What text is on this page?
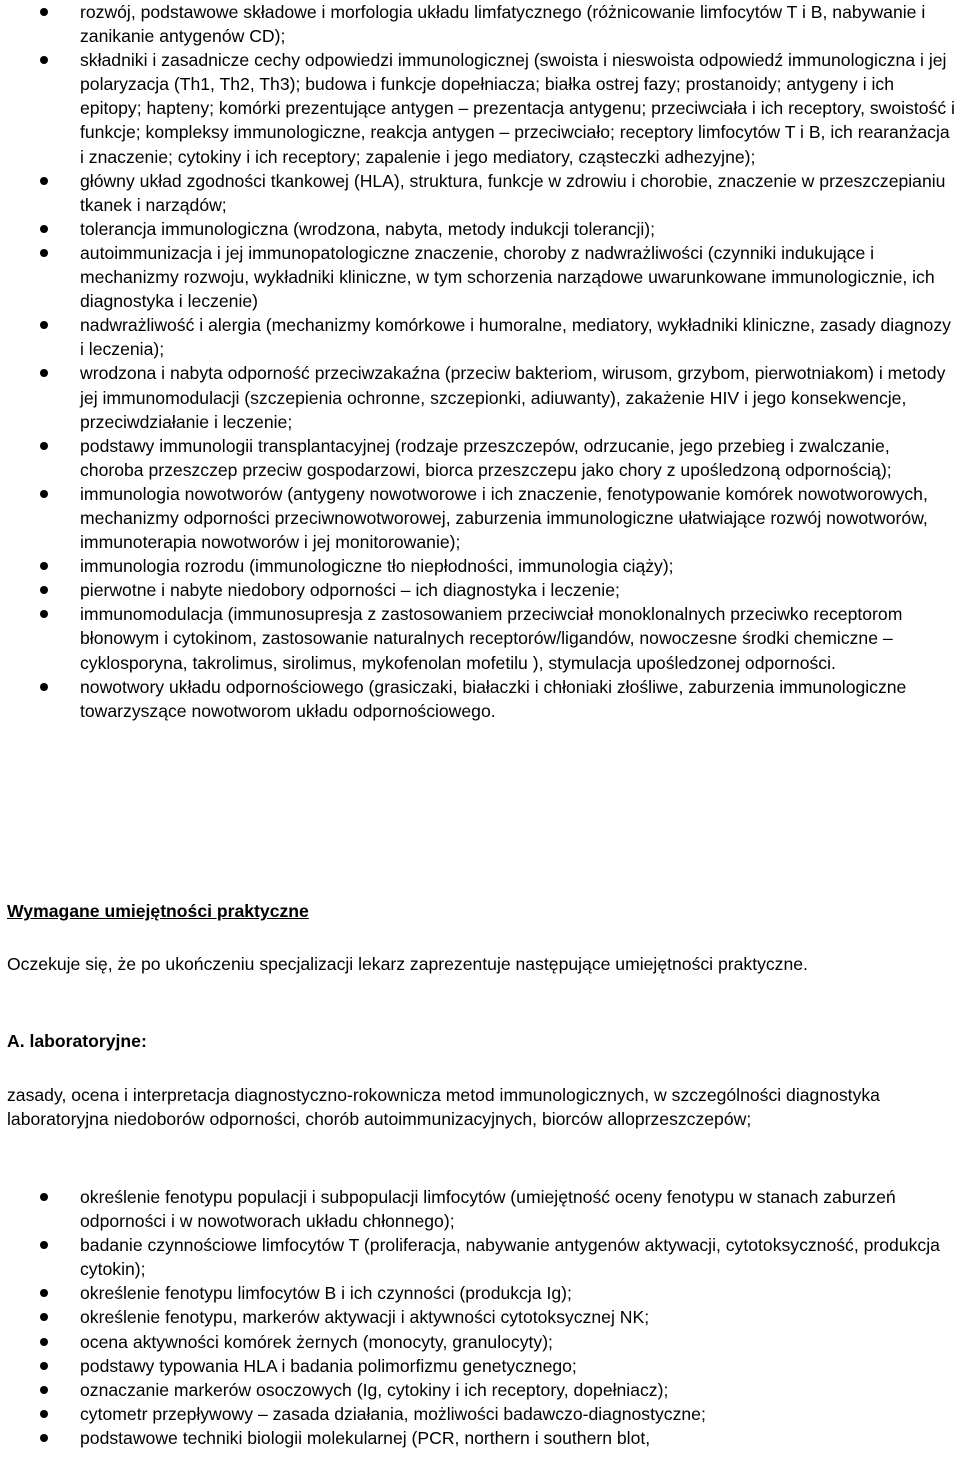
rozwój, podstawowe składowe i morfologia układu limfatycznego (różnicowanie limfocytów T i B, nabywanie i zanikanie antygenów CD);
składniki i zasadnicze cechy odpowiedzi immunologicznej (swoista i nieswoista odpowiedź immunologiczna i jej polaryzacja (Th1, Th2, Th3); budowa i funkcje dopełniacza; białka ostrej fazy; prostanoidy; antygeny i ich epitopy; hapteny; komórki prezentujące antygen – prezentacja antygenu; przeciwciała i ich receptory, swoistość i funkcje; kompleksy immunologiczne, reakcja antygen – przeciwciało; receptory limfocytów T i B, ich rearanżacja i znaczenie; cytokiny i ich receptory; zapalenie i jego mediatory, cząsteczki adhezyjne);
główny układ zgodności tkankowej (HLA), struktura, funkcje w zdrowiu i chorobie, znaczenie w przeszczepianiu tkanek i narządów;
tolerancja immunologiczna (wrodzona, nabyta, metody indukcji tolerancji);
autoimmunizacja i jej immunopatologiczne znaczenie, choroby z nadwrażliwości (czynniki indukujące i mechanizmy rozwoju, wykładniki kliniczne, w tym schorzenia narządowe uwarunkowane immunologicznie, ich diagnostyka i leczenie)
nadwrażliwość i alergia (mechanizmy komórkowe i humoralne, mediatory, wykładniki kliniczne, zasady diagnozy i leczenia);
wrodzona i nabyta odporność przeciwzakaźna (przeciw bakteriom, wirusom, grzybom, pierwotniakom) i metody jej immunomodulacji (szczepienia ochronne, szczepionki, adiuwanty), zakażenie HIV i jego konsekwencje, przeciwdziałanie i leczenie;
podstawy immunologii transplantacyjnej (rodzaje przeszczepów, odrzucanie, jego przebieg i zwalczanie, choroba przeszczep przeciw gospodarzowi, biorca przeszczepu jako chory z upośledzoną odpornością);
immunologia nowotworów (antygeny nowotworowe i ich znaczenie, fenotypowanie komórek nowotworowych, mechanizmy odporności przeciwnowotworowej, zaburzenia immunologiczne ułatwiające rozwój nowotworów, immunoterapia nowotworów i jej monitorowanie);
immunologia rozrodu (immunologiczne tło niepłodności, immunologia ciąży);
pierwotne i nabyte niedobory odporności – ich diagnostyka i leczenie;
immunomodulacja (immunosupresja z zastosowaniem przeciwciał monoklonalnych przeciwko receptorom błonowym i cytokinom, zastosowanie naturalnych receptorów/ligandów, nowoczesne środki chemiczne – cyklosporyna, takrolimus, sirolimus, mykofenolan mofetilu ), stymulacja upośledzonej odporności.
nowotwory układu odpornościowego (grasiczaki, białaczki i chłoniaki złośliwe, zaburzenia immunologiczne towarzyszące nowotworom układu odpornościowego.
Wymagane umiejętności praktyczne
Oczekuje się, że po ukończeniu specjalizacji lekarz zaprezentuje następujące umiejętności praktyczne.
A. laboratoryjne:
zasady, ocena i interpretacja diagnostyczno-rokownicza metod immunologicznych, w szczególności diagnostyka laboratoryjna niedoborów odporności, chorób autoimmunizacyjnych, biorców alloprzeszczepów;
określenie fenotypu populacji i subpopulacji limfocytów (umiejętność oceny fenotypu w stanach zaburzeń odporności i w nowotworach układu chłonnego);
badanie czynnościowe limfocytów T (proliferacja, nabywanie antygenów aktywacji, cytotoksyczność, produkcja cytokin);
określenie fenotypu limfocytów B i ich czynności (produkcja Ig);
określenie fenotypu, markerów aktywacji i aktywności cytotoksycznej NK;
ocena aktywności komórek żernych (monocyty, granulocyty);
podstawy typowania HLA i badania polimorfizmu genetycznego;
oznaczanie markerów osoczowych (Ig, cytokiny i ich receptory, dopełniacz);
cytometr przepływowy – zasada działania, możliwości badawczo-diagnostyczne;
podstawowe techniki biologii molekularnej (PCR, northern i southern blot,
